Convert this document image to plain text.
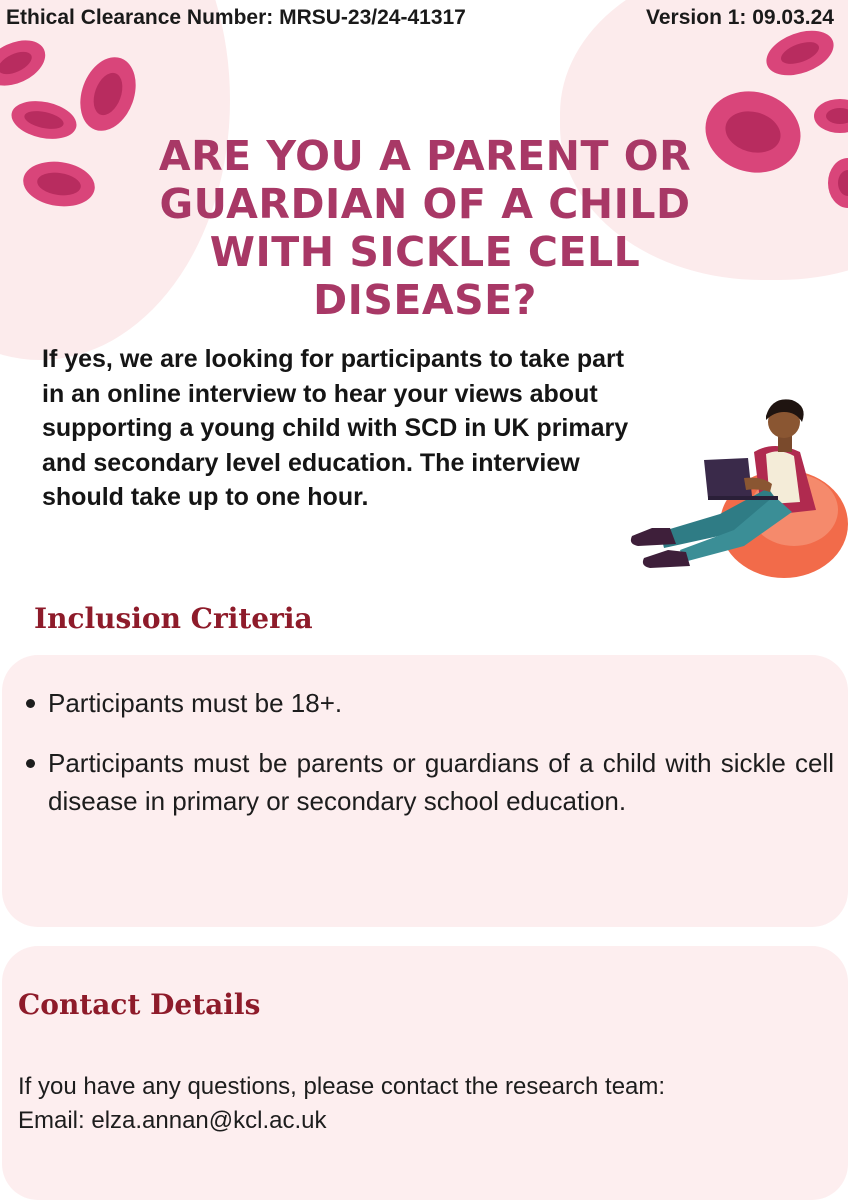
Ethical Clearance Number: MRSU-23/24-41317	Version 1: 09.03.24
ARE YOU A PARENT OR GUARDIAN OF A CHILD WITH SICKLE CELL DISEASE?

If yes, we are looking for participants to take part in an online interview to hear your views about supporting a young child with SCD in UK primary and secondary level education. The interview should take up to one hour.

Inclusion Criteria
Participants must be 18+.
Participants must be parents or guardians of a child with sickle cell disease in primary or secondary school education.
Contact Details
If you have any questions, please contact the research team:
Email: elza.annan@kcl.ac.uk
